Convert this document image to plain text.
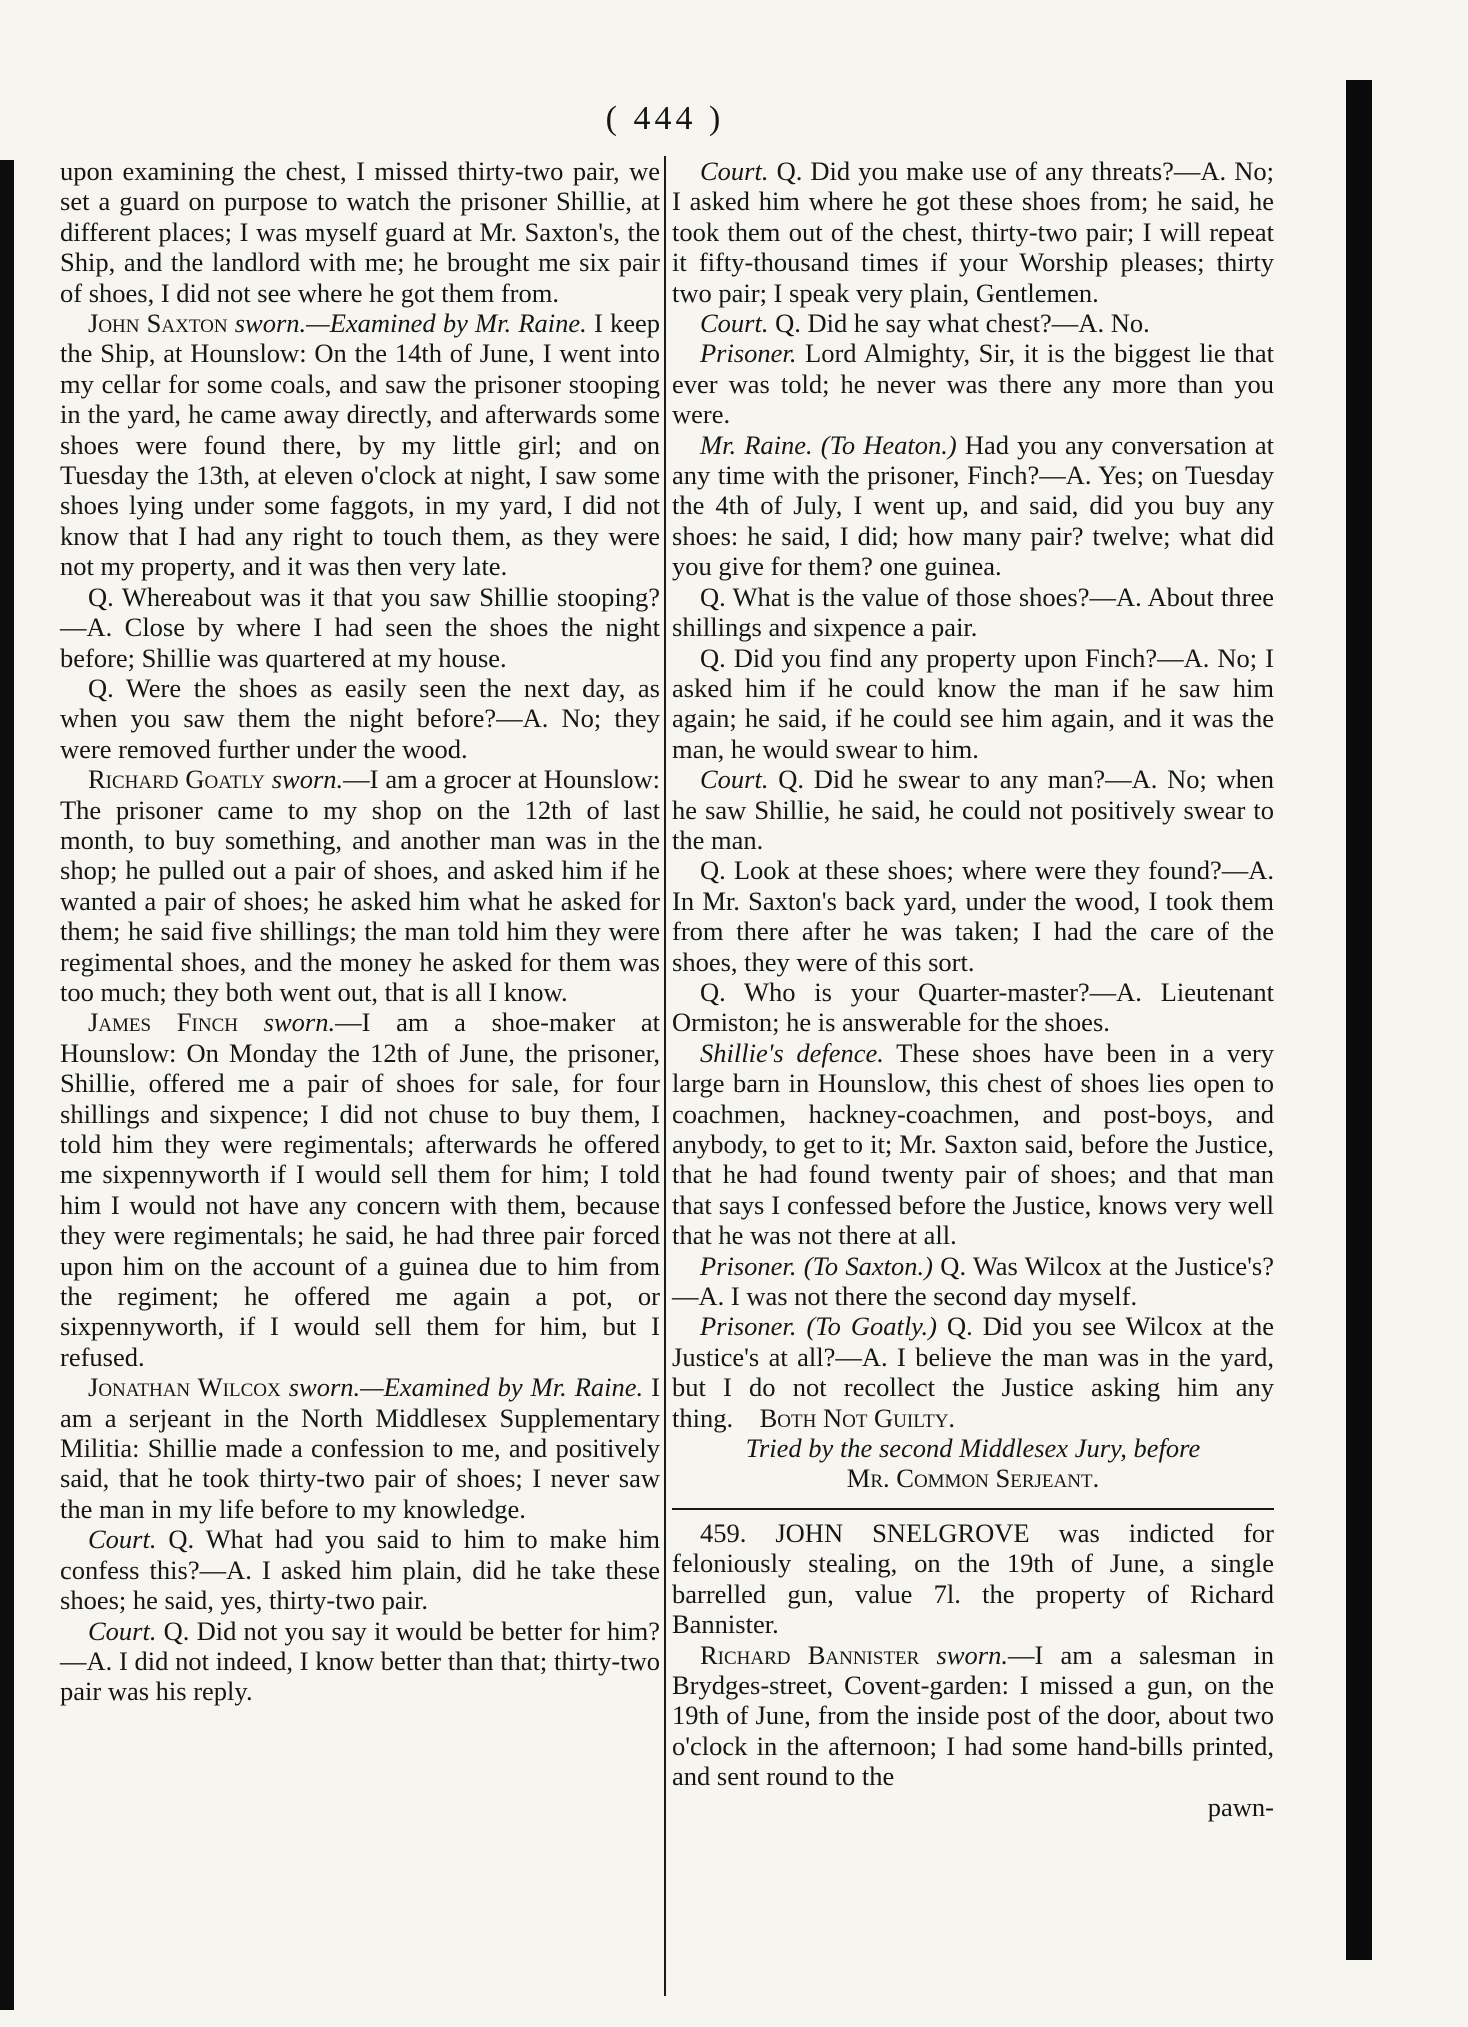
( 444 )

upon examining the chest, I missed thirty-two pair, we set a guard on purpose to watch the prisoner Shillie, at different places; I was myself guard at Mr. Saxton's, the Ship, and the landlord with me; he brought me six pair of shoes, I did not see where he got them from.

John Saxton sworn.—Examined by Mr. Raine. I keep the Ship, at Hounslow: On the 14th of June, I went into my cellar for some coals, and saw the prisoner stooping in the yard, he came away directly, and afterwards some shoes were found there, by my little girl; and on Tuesday the 13th, at eleven o'clock at night, I saw some shoes lying under some faggots, in my yard, I did not know that I had any right to touch them, as they were not my property, and it was then very late.

Q. Whereabout was it that you saw Shillie stooping?—A. Close by where I had seen the shoes the night before; Shillie was quartered at my house.

Q. Were the shoes as easily seen the next day, as when you saw them the night before?—A. No; they were removed further under the wood.

Richard Goatly sworn.—I am a grocer at Hounslow: The prisoner came to my shop on the 12th of last month, to buy something, and another man was in the shop; he pulled out a pair of shoes, and asked him if he wanted a pair of shoes; he asked him what he asked for them; he said five shillings; the man told him they were regimental shoes, and the money he asked for them was too much; they both went out, that is all I know.

James Finch sworn.—I am a shoe-maker at Hounslow: On Monday the 12th of June, the prisoner, Shillie, offered me a pair of shoes for sale, for four shillings and sixpence; I did not chuse to buy them, I told him they were regimentals; afterwards he offered me sixpennyworth if I would sell them for him; I told him I would not have any concern with them, because they were regimentals; he said, he had three pair forced upon him on the account of a guinea due to him from the regiment; he offered me again a pot, or sixpennyworth, if I would sell them for him, but I refused.

Jonathan Wilcox sworn.—Examined by Mr. Raine. I am a serjeant in the North Middlesex Supplementary Militia: Shillie made a confession to me, and positively said, that he took thirty-two pair of shoes; I never saw the man in my life before to my knowledge.

Court. Q. What had you said to him to make him confess this?—A. I asked him plain, did he take these shoes; he said, yes, thirty-two pair.

Court. Q. Did not you say it would be better for him?—A. I did not indeed, I know better than that; thirty-two pair was his reply.

Court. Q. Did you make use of any threats?—A. No; I asked him where he got these shoes from; he said, he took them out of the chest, thirty-two pair; I will repeat it fifty-thousand times if your Worship pleases; thirty two pair; I speak very plain, Gentlemen.

Court. Q. Did he say what chest?—A. No.

Prisoner. Lord Almighty, Sir, it is the biggest lie that ever was told; he never was there any more than you were.

Mr. Raine. (To Heaton.) Had you any conversation at any time with the prisoner, Finch?—A. Yes; on Tuesday the 4th of July, I went up, and said, did you buy any shoes: he said, I did; how many pair? twelve; what did you give for them? one guinea.

Q. What is the value of those shoes?—A. About three shillings and sixpence a pair.

Q. Did you find any property upon Finch?—A. No; I asked him if he could know the man if he saw him again; he said, if he could see him again, and it was the man, he would swear to him.

Court. Q. Did he swear to any man?—A. No; when he saw Shillie, he said, he could not positively swear to the man.

Q. Look at these shoes; where were they found?—A. In Mr. Saxton's back yard, under the wood, I took them from there after he was taken; I had the care of the shoes, they were of this sort.

Q. Who is your Quarter-master?—A. Lieutenant Ormiston; he is answerable for the shoes.

Shillie's defence. These shoes have been in a very large barn in Hounslow, this chest of shoes lies open to coachmen, hackney-coachmen, and post-boys, and anybody, to get to it; Mr. Saxton said, before the Justice, that he had found twenty pair of shoes; and that man that says I confessed before the Justice, knows very well that he was not there at all.

Prisoner. (To Saxton.) Q. Was Wilcox at the Justice's?—A. I was not there the second day myself.

Prisoner. (To Goatly.) Q. Did you see Wilcox at the Justice's at all?—A. I believe the man was in the yard, but I do not recollect the Justice asking him any thing. Both Not Guilty.

Tried by the second Middlesex Jury, before

Mr. Common Serjeant.

459. JOHN SNELGROVE was indicted for feloniously stealing, on the 19th of June, a single barrelled gun, value 7l. the property of Richard Bannister.

Richard Bannister sworn.—I am a salesman in Brydges-street, Covent-garden: I missed a gun, on the 19th of June, from the inside post of the door, about two o'clock in the afternoon; I had some hand-bills printed, and sent round to the

pawn-
